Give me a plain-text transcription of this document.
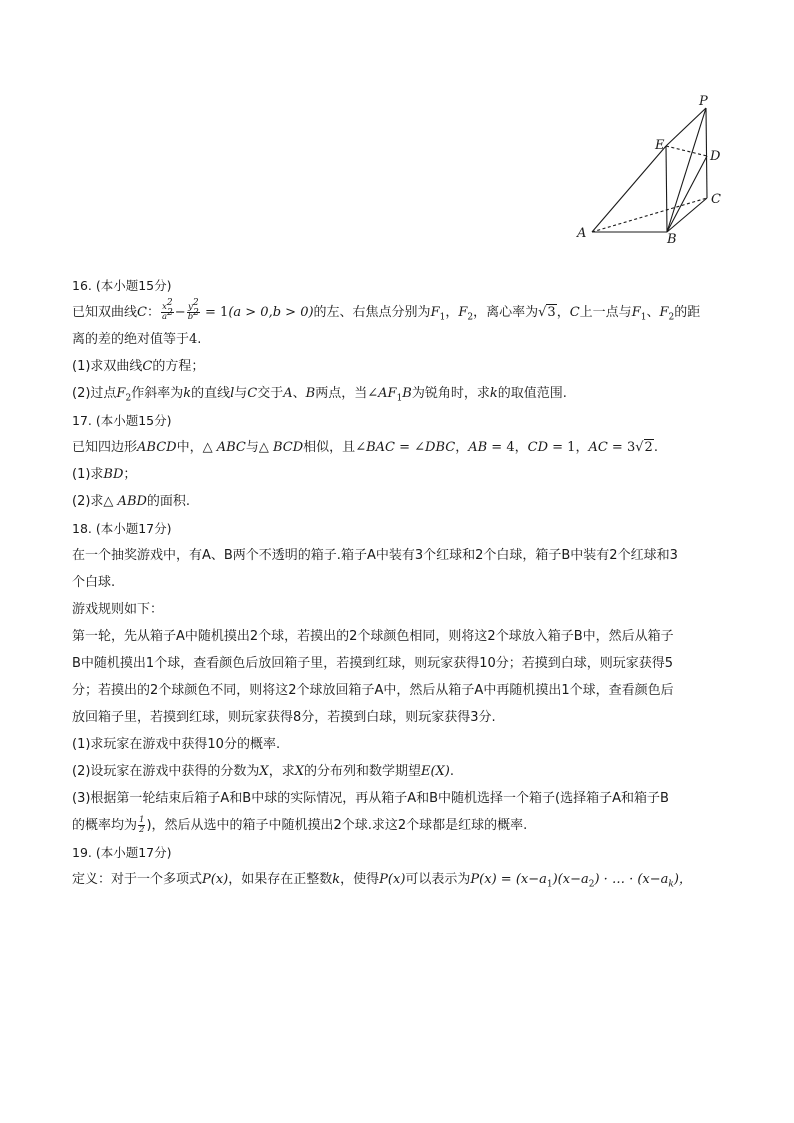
P
E
D
C
A	B
16. (本小题15分)
已知双曲线C： $\frac{x^2}{a^2} - \frac{y^2}{b^2} = 1(a > 0,b > 0)$的左、右焦点分别为$F_1$，$F_2$，离心率为√3，C上一点与$F_1$、$F_2$的距
离的差的绝对值等于4.
(1)求双曲线C的方程；
(2)过点$F_2$作斜率为k的直线l与C交于A、B两点，当$\angle AF_1B$为锐角时，求k的取值范围.
17. (本小题15分)
已知四边形ABCD中，△ ABC与△ BCD相似，且∠BAC = ∠DBC，AB = 4，CD = 1，AC = 3√2.
(1)求BD；
(2)求△ ABD的面积.
18. (本小题17分)
在一个抽奖游戏中，有A、B两个不透明的箱子.箱子A中装有3个红球和2个白球，箱子B中装有2个红球和3
个白球.
游戏规则如下：
第一轮，先从箱子A中随机摸出2个球，若摸出的2个球颜色相同，则将这2个球放入箱子B中，然后从箱子
B中随机摸出1个球，查看颜色后放回箱子里，若摸到红球，则玩家获得10分；若摸到白球，则玩家获得5
分；若摸出的2个球颜色不同，则将这2个球放回箱子A中，然后从箱子A中再随机摸出1个球，查看颜色后
放回箱子里，若摸到红球，则玩家获得8分，若摸到白球，则玩家获得3分.
(1)求玩家在游戏中获得10分的概率.
(2)设玩家在游戏中获得的分数为X，求X的分布列和数学期望E(X).
(3)根据第一轮结束后箱子A和B中球的实际情况，再从箱子A和B中随机选择一个箱子(选择箱子A和箱子B
的概率均为 $\frac{1}{2}$ )，然后从选中的箱子中随机摸出2个球.求这2个球都是红球的概率.
19. (本小题17分)
定义：对于一个多项式P(x)，如果存在正整数k，使得P(x)可以表示为$P(x) = (x-a_1)(x-a_2)$ · … · $(x-a_k)$，
